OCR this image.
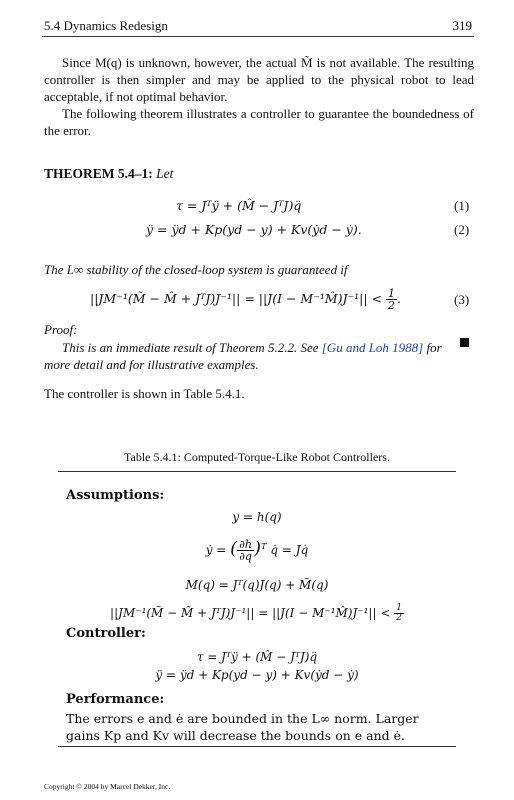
5.4 Dynamics Redesign	319

Since M(q) is unknown, however, the actual M̃ is not available. The resulting controller is then simpler and may be applied to the physical robot to lead acceptable, if not optimal behavior.

The following theorem illustrates a controller to guarantee the boundedness of the error.

THEOREM 5.4–1: Let
τ = Jᵀÿ + (M̂ − JᵀJ)q̈	(1)
ÿ = ÿd + Kp(yd − y) + Kv(ẏd − ẏ).	(2)
The L∞ stability of the closed-loop system is guaranteed if
||JM⁻¹(M̃ − M̂ + JᵀJ)J⁻¹|| = ||J(I − M⁻¹M̂)J⁻¹|| < $\frac{1}{2}$ .	(3)
Proof:
This is an immediate result of Theorem 5.2.2. See [Gu and Loh 1988] for more detail and for illustrative examples.
The controller is shown in Table 5.4.1.
Table 5.4.1: Computed-Torque-Like Robot Controllers.
Assumptions:
y = h(q)
ẏ = ( $\frac{\partial h}{\partial q} )^T$ q̇ = Jq̇
M(q) = Jᵀ(q)J(q) + M̃(q)
||JM⁻¹(M̃ − M̂ + JᵀJ)J⁻¹|| = ||J(I − M⁻¹M̂)J⁻¹|| < $\frac{1}{2}$
Controller:
τ = Jᵀÿ + (M̂ − JᵀJ)q̈
ÿ = ÿd + Kp(yd − y) + Kv(ẏd − ẏ)
Performance:
The errors e and ė are bounded in the L∞ norm. Larger gains Kp and Kv will decrease the bounds on e and ė.
Copyright © 2004 by Marcel Dekker, Inc.
